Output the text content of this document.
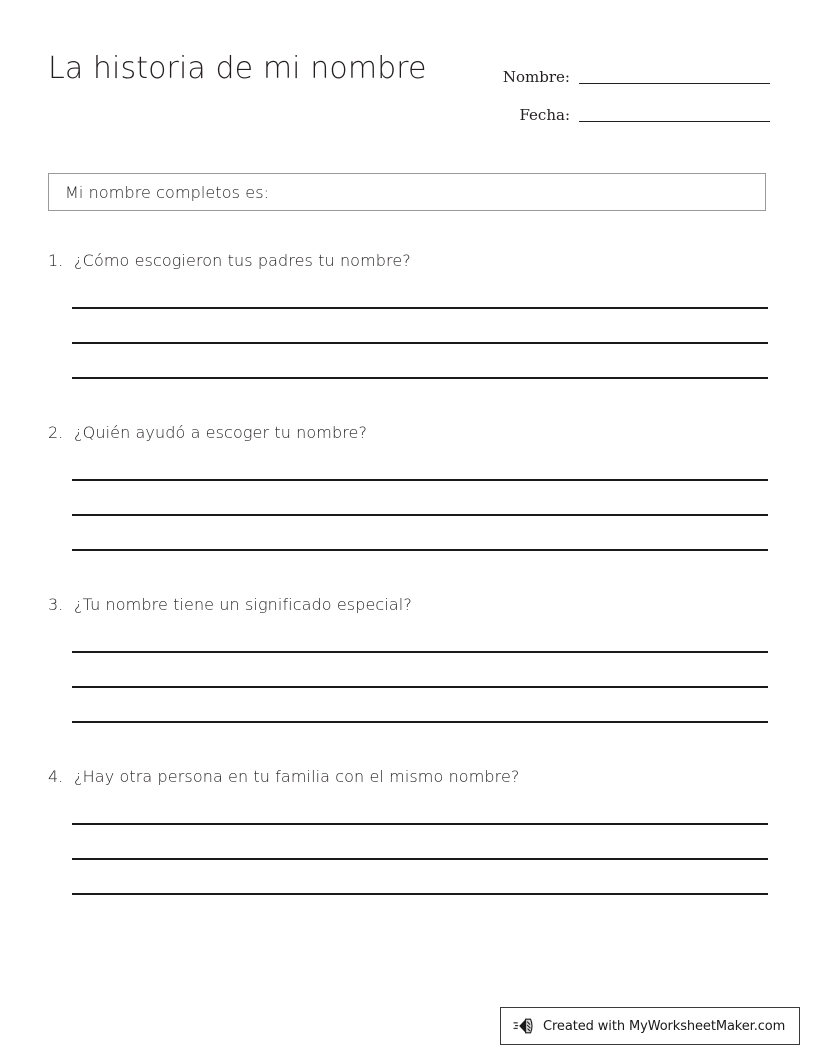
La historia de mi nombre	Nombre:
Fecha:
Mi nombre completos es:
1. ¿Cómo escogieron tus padres tu nombre?
2. ¿Quién ayudó a escoger tu nombre?
3. ¿Tu nombre tiene un significado especial?
4. ¿Hay otra persona en tu familia con el mismo nombre?
Created with MyWorksheetMaker.com
